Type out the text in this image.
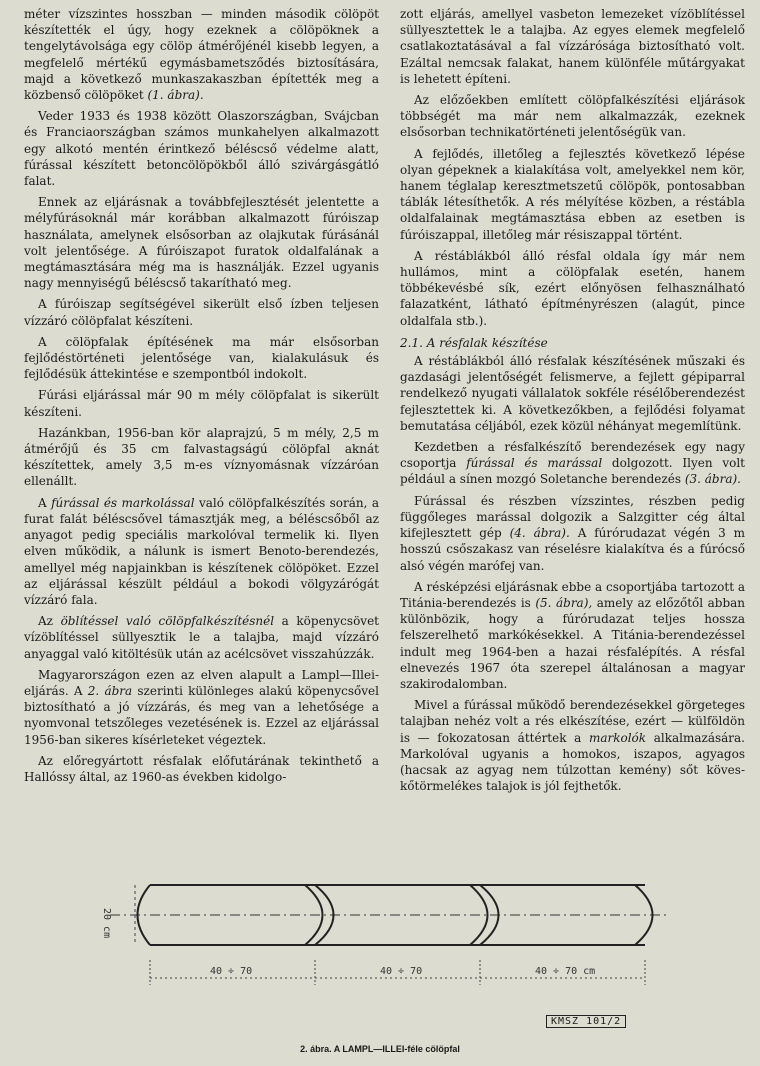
méter vízszintes hosszban — minden második cölöpöt készítették el úgy, hogy ezeknek a cölöpöknek a tengelytávolsága egy cölöp átmérőjénél kisebb legyen, a megfelelő mértékű egymásbametsződés biztosítására, majd a következő munkaszakaszban építették meg a közbenső cölöpöket (1. ábra).

Veder 1933 és 1938 között Olaszországban, Svájcban és Franciaországban számos munkahelyen alkalmazott egy alkotó mentén érintkező béléscső védelme alatt, fúrással készített betoncölöpökből álló szivárgásgátló falat.

Ennek az eljárásnak a továbbfejlesztését jelentette a mélyfúrásoknál már korábban alkalmazott fúróiszap használata, amelynek elsősorban az olajkutak fúrásánál volt jelentősége. A fúróiszapot furatok oldalfalának a megtámasztására még ma is használják. Ezzel ugyanis nagy mennyiségű béléscső takarítható meg.

A fúróiszap segítségével sikerült első ízben teljesen vízzáró cölöpfalat készíteni.

A cölöpfalak építésének ma már elsősorban fejlődéstörténeti jelentősége van, kialakulásuk és fejlődésük áttekintése e szempontból indokolt.

Fúrási eljárással már 90 m mély cölöpfalat is sikerült készíteni.

Hazánkban, 1956-ban kör alaprajzú, 5 m mély, 2,5 m átmérőjű és 35 cm falvastagságú cölöpfal aknát készítettek, amely 3,5 m-es víznyomásnak vízzáróan ellenállt.

A fúrással és markolással való cölöpfalkészítés során, a furat falát béléscsővel támasztják meg, a béléscsőből az anyagot pedig speciális markolóval termelik ki. Ilyen elven működik, a nálunk is ismert Benoto-berendezés, amellyel még napjainkban is készítenek cölöpöket. Ezzel az eljárással készült például a bokodi völgyzárógát vízzáró fala.

Az öblítéssel való cölöpfalkészítésnél a köpenycsövet vízöblítéssel süllyesztik le a talajba, majd vízzáró anyaggal való kitöltésük után az acélcsövet visszahúzzák.

Magyarországon ezen az elven alapult a Lampl—Illei-eljárás. A 2. ábra szerinti különleges alakú köpenycsővel biztosítható a jó vízzárás, és meg van a lehetősége a nyomvonal tetszőleges vezetésének is. Ezzel az eljárással 1956-ban sikeres kísérleteket végeztek.

Az előregyártott résfalak előfutárának tekinthető a Hallóssy által, az 1960-as években kidolgo-

zott eljárás, amellyel vasbeton lemezeket vízöblítéssel süllyesztettek le a talajba. Az egyes elemek megfelelő csatlakoztatásával a fal vízzárósága biztosítható volt. Ezáltal nemcsak falakat, hanem különféle műtárgyakat is lehetett építeni.

Az előzőekben említett cölöpfalkészítési eljárások többségét ma már nem alkalmazzák, ezeknek elsősorban technikatörténeti jelentőségük van.

A fejlődés, illetőleg a fejlesztés következő lépése olyan gépeknek a kialakítása volt, amelyekkel nem kör, hanem téglalap keresztmetszetű cölöpök, pontosabban táblák létesíthetők. A rés mélyítése közben, a réstábla oldalfalainak megtámasztása ebben az esetben is fúróiszappal, illetőleg már résiszappal történt.

A réstáblákból álló résfal oldala így már nem hullámos, mint a cölöpfalak esetén, hanem többékevésbé sík, ezért előnyösen felhasználható falazatként, látható építményrészen (alagút, pince oldalfala stb.).

2.1. A résfalak készítése

A réstáblákból álló résfalak készítésének műszaki és gazdasági jelentőségét felismerve, a fejlett gépiparral rendelkező nyugati vállalatok sokféle résélőberendezést fejlesztettek ki. A következőkben, a fejlődési folyamat bemutatása céljából, ezek közül néhányat megemlítünk.

Kezdetben a résfalkészítő berendezések egy nagy csoportja fúrással és marással dolgozott. Ilyen volt például a sínen mozgó Soletanche berendezés (3. ábra).

Fúrással és részben vízszintes, részben pedig függőleges marással dolgozik a Salzgitter cég által kifejlesztett gép (4. ábra). A fúrórudazat végén 3 m hosszú csőszakasz van réselésre kialakítva és a fúrócső alsó végén marófej van.

A résképzési eljárásnak ebbe a csoportjába tartozott a Titánia-berendezés is (5. ábra), amely az előzőtől abban különbözik, hogy a fúrórudazat teljes hossza felszerelhető markókésekkel. A Titánia-berendezéssel indult meg 1964-ben a hazai résfalépítés. A résfal elnevezés 1967 óta szerepel általánosan a magyar szakirodalomban.

Mivel a fúrással működő berendezésekkel görgeteges talajban nehéz volt a rés elkészítése, ezért — külföldön is — fokozatosan áttértek a markolók alkalmazására. Markolóval ugyanis a homokos, iszapos, agyagos (hacsak az agyag nem túlzottan kemény) sőt köves-kőtörmelékes talajok is jól fejthetők.

20 cm
40 ÷ 70	40 ÷ 70	40 ÷ 70 cm
KMSZ 101/2
2. ábra. A LAMPL—ILLEI-féle cölöpfal
